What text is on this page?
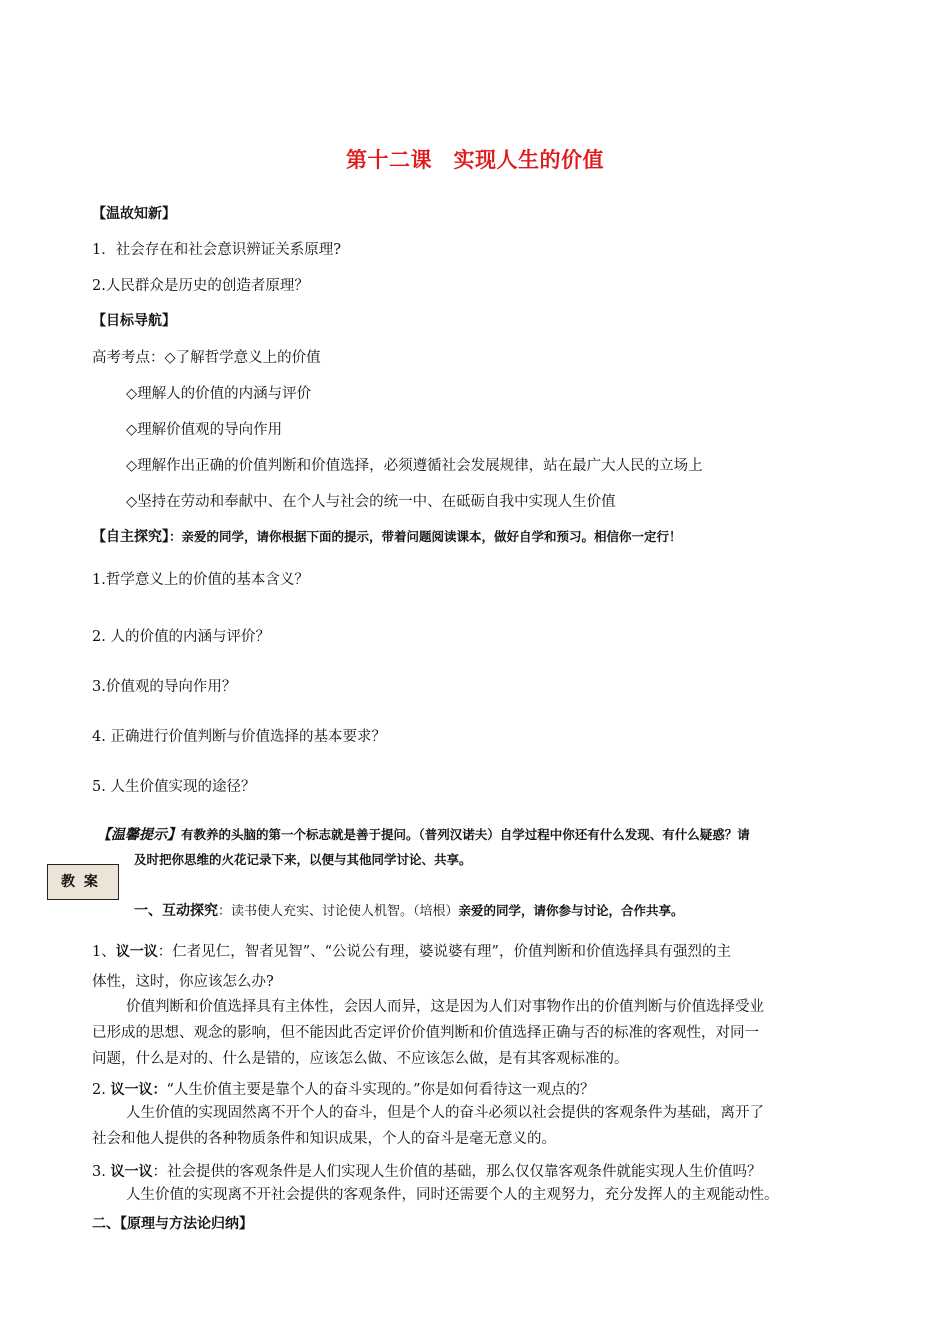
第十二课　实现人生的价值
【温故知新】
1．社会存在和社会意识辨证关系原理?
2.人民群众是历史的创造者原理？
【目标导航】
高考考点：◇了解哲学意义上的价值
◇理解人的价值的内涵与评价
◇理解价值观的导向作用
◇理解作出正确的价值判断和价值选择，必须遵循社会发展规律，站在最广大人民的立场上
◇坚持在劳动和奉献中、在个人与社会的统一中、在砥砺自我中实现人生价值
【自主探究】：亲爱的同学，请你根据下面的提示，带着问题阅读课本，做好自学和预习。相信你一定行！
1.哲学意义上的价值的基本含义？
2. 人的价值的内涵与评价？
3.价值观的导向作用？
4. 正确进行价值判断与价值选择的基本要求？
5. 人生价值实现的途径？
【温馨提示】有教养的头脑的第一个标志就是善于提问。（普列汉诺夫）自学过程中你还有什么发现、有什么疑惑？请
及时把你思维的火花记录下来，以便与其他同学讨论、共享。
教 案
一、互动探究：读书使人充实、讨论使人机智。（培根）亲爱的同学，请你参与讨论，合作共享。
1、议一议：仁者见仁，智者见智”、“公说公有理，婆说婆有理”，价值判断和价值选择具有强烈的主
体性，这时，你应该怎么办?
价值判断和价值选择具有主体性，会因人而异，这是因为人们对事物作出的价值判断与价值选择受业
已形成的思想、观念的影响，但不能因此否定评价价值判断和价值选择正确与否的标准的客观性，对同一
问题，什么是对的、什么是错的，应该怎么做、不应该怎么做，是有其客观标准的。
2. 议一议：“人生价值主要是靠个人的奋斗实现的。”你是如何看待这一观点的？
人生价值的实现固然离不开个人的奋斗，但是个人的奋斗必须以社会提供的客观条件为基础，离开了
社会和他人提供的各种物质条件和知识成果，个人的奋斗是毫无意义的。
3. 议一议：社会提供的客观条件是人们实现人生价值的基础，那么仅仅靠客观条件就能实现人生价值吗？
人生价值的实现离不开社会提供的客观条件，同时还需要个人的主观努力，充分发挥人的主观能动性。
二、【原理与方法论归纳】
